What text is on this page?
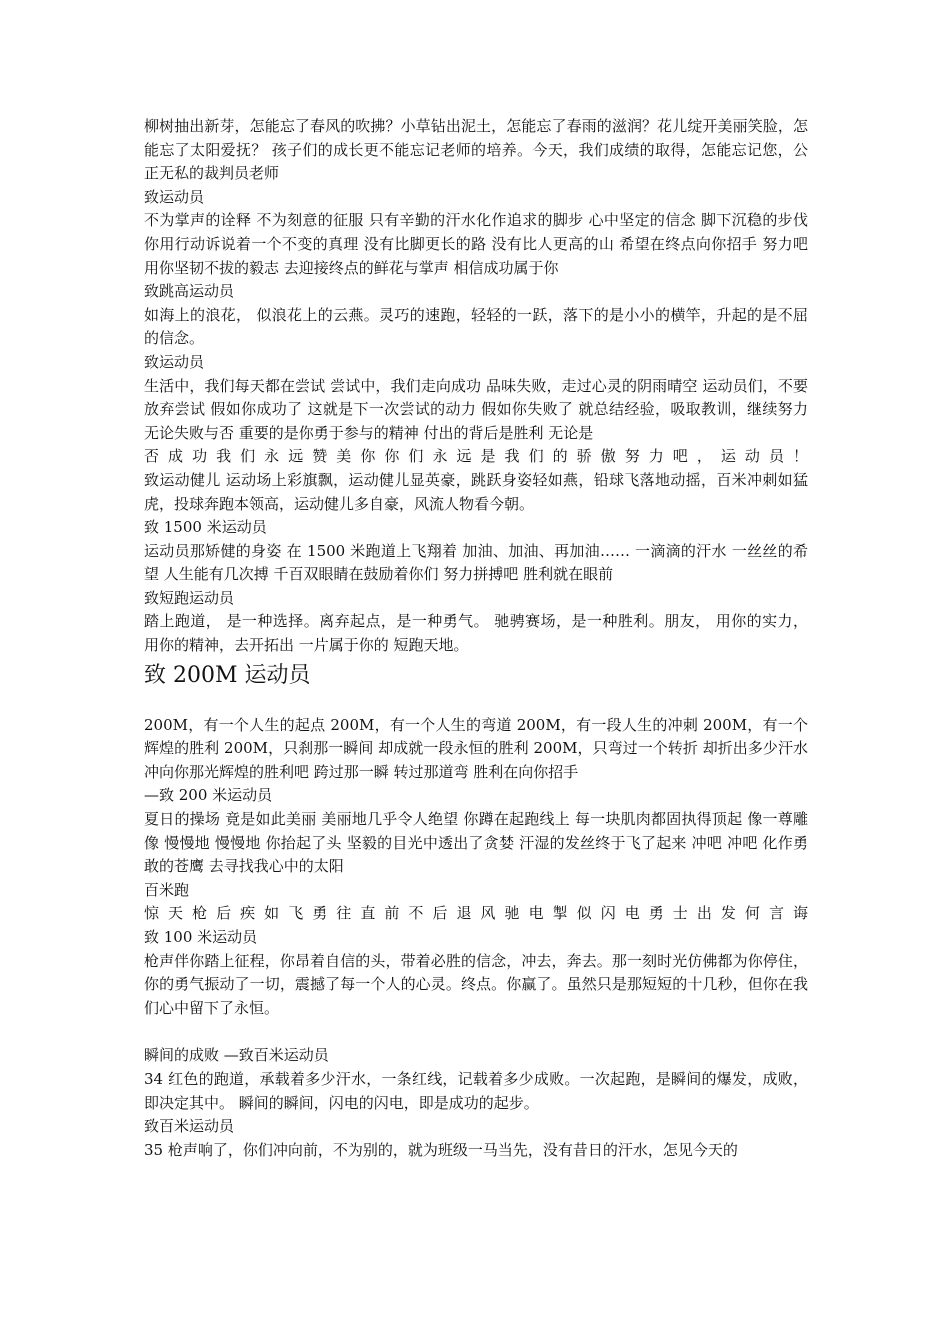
柳树抽出新芽，怎能忘了春风的吹拂？小草钻出泥土，怎能忘了春雨的滋润？花儿绽开美丽笑脸，怎能忘了太阳爱抚？ 孩子们的成长更不能忘记老师的培养。今天，我们成绩的取得，怎能忘记您，公正无私的裁判员老师

致运动员

不为掌声的诠释 不为刻意的征服 只有辛勤的汗水化作追求的脚步 心中坚定的信念 脚下沉稳的步伐 你用行动诉说着一个不变的真理 没有比脚更长的路 没有比人更高的山 希望在终点向你招手 努力吧用你坚韧不拔的毅志 去迎接终点的鲜花与掌声 相信成功属于你

致跳高运动员

如海上的浪花， 似浪花上的云燕。灵巧的速跑，轻轻的一跃，落下的是小小的横竿，升起的是不屈的信念。

致运动员

生活中，我们每天都在尝试 尝试中，我们走向成功 品味失败，走过心灵的阴雨晴空 运动员们，不要放弃尝试 假如你成功了 这就是下一次尝试的动力 假如你失败了 就总结经验，吸取教训，继续努力 无论失败与否 重要的是你勇于参与的精神 付出的背后是胜利 无论是

否 成 功 我 们 永 远 赞 美 你 你 们 永 远 是 我 们 的 骄 傲 努 力 吧 ， 运 动 员 ！

致运动健儿 运动场上彩旗飘，运动健儿显英豪，跳跃身姿轻如燕，铅球飞落地动摇，百米冲刺如猛虎，投球奔跑本领高，运动健儿多自豪，风流人物看今朝。

致 1500 米运动员

运动员那矫健的身姿 在 1500 米跑道上飞翔着 加油、加油、再加油…… 一滴滴的汗水 一丝丝的希望 人生能有几次搏 千百双眼睛在鼓励着你们 努力拼搏吧 胜利就在眼前

致短跑运动员

踏上跑道， 是一种选择。离弃起点，是一种勇气。 驰骋赛场，是一种胜利。朋友， 用你的实力， 用你的精神，去开拓出 一片属于你的 短跑天地。

致 200M 运动员

200M，有一个人生的起点 200M，有一个人生的弯道 200M，有一段人生的冲刺 200M，有一个辉煌的胜利 200M，只刹那一瞬间 却成就一段永恒的胜利 200M，只弯过一个转折 却折出多少汗水 冲向你那光辉煌的胜利吧 跨过那一瞬 转过那道弯 胜利在向你招手

—致 200 米运动员

夏日的操场 竟是如此美丽 美丽地几乎令人绝望 你蹲在起跑线上 每一块肌肉都固执得顶起 像一尊雕像 慢慢地 慢慢地 你抬起了头 坚毅的目光中透出了贪婪 汗湿的发丝终于飞了起来 冲吧 冲吧 化作勇敢的苍鹰 去寻找我心中的太阳

百米跑

惊 天 枪 后 疾 如 飞 勇 往 直 前 不 后 退 风 驰 电 掣 似 闪 电 勇 士 出 发 何 言 诲

致 100 米运动员

枪声伴你踏上征程，你昂着自信的头，带着必胜的信念，冲去，奔去。那一刻时光仿佛都为你停住，你的勇气振动了一切，震撼了每一个人的心灵。终点。你赢了。虽然只是那短短的十几秒，但你在我们心中留下了永恒。

瞬间的成败 —致百米运动员

34 红色的跑道，承载着多少汗水，一条红线，记载着多少成败。一次起跑，是瞬间的爆发，成败，即决定其中。 瞬间的瞬间，闪电的闪电，即是成功的起步。

致百米运动员

35 枪声响了，你们冲向前，不为别的，就为班级一马当先，没有昔日的汗水，怎见今天的
